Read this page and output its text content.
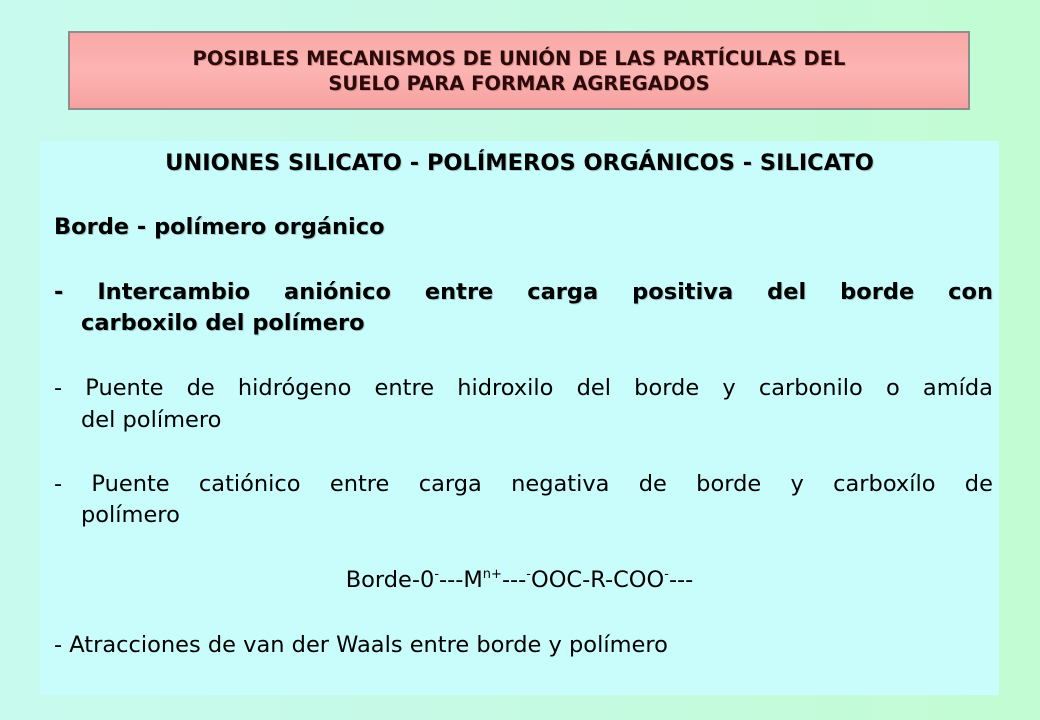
POSIBLES MECANISMOS DE UNIÓN DE LAS PARTÍCULAS DEL
SUELO PARA FORMAR AGREGADOS
UNIONES SILICATO - POLÍMEROS ORGÁNICOS - SILICATO
Borde - polímero orgánico
- Intercambio aniónico entre carga positiva del borde con
carboxilo del polímero
- Puente de hidrógeno entre hidroxilo del borde y carbonilo o amída
del polímero
- Puente catiónico entre carga negativa de borde y carboxílo de
polímero
Borde-$0^----M^{n+}---^-OOC-R-COO^----$
- Atracciones de van der Waals entre borde y polímero
